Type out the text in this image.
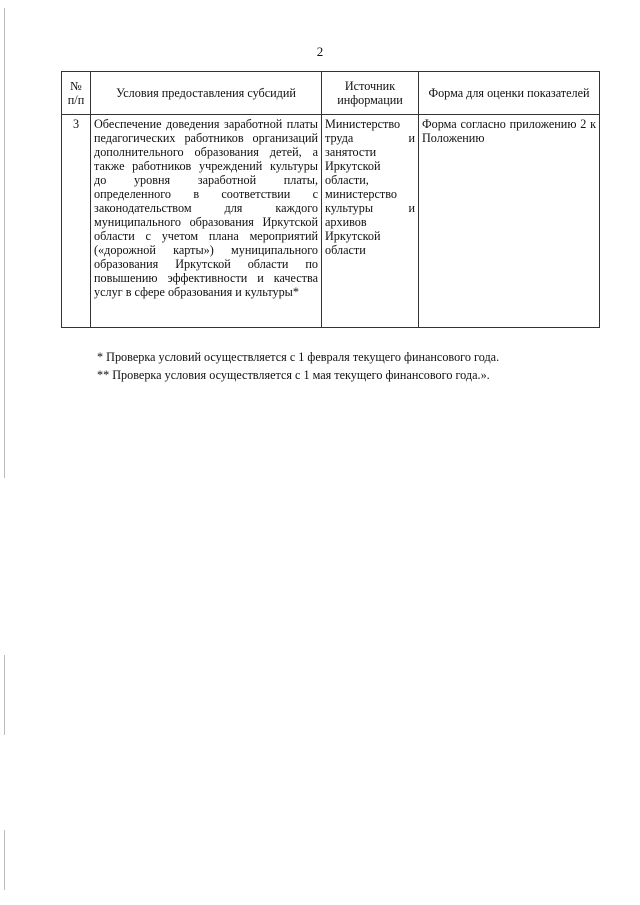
2
№ п/п	Условия предоставления субсидий	Источник информации	Форма для оценки показателей
3	Обеспечение доведения заработной платы педагогических работников организаций дополнительного образования детей, а также работников учреждений культуры до уровня заработной платы, определенного в соответствии с законодательством для каждого муниципального образования Иркутской области с учетом плана мероприятий («дорожной карты») муниципального образования Иркутской области по повышению эффективности и качества услуг в сфере образования и культуры*	Министерство труда и занятости Иркутской области, министерство культуры и архивов Иркутской области	Форма согласно приложению 2 к Положению
* Проверка условий осуществляется с 1 февраля текущего финансового года.
** Проверка условия осуществляется с 1 мая текущего финансового года.».
